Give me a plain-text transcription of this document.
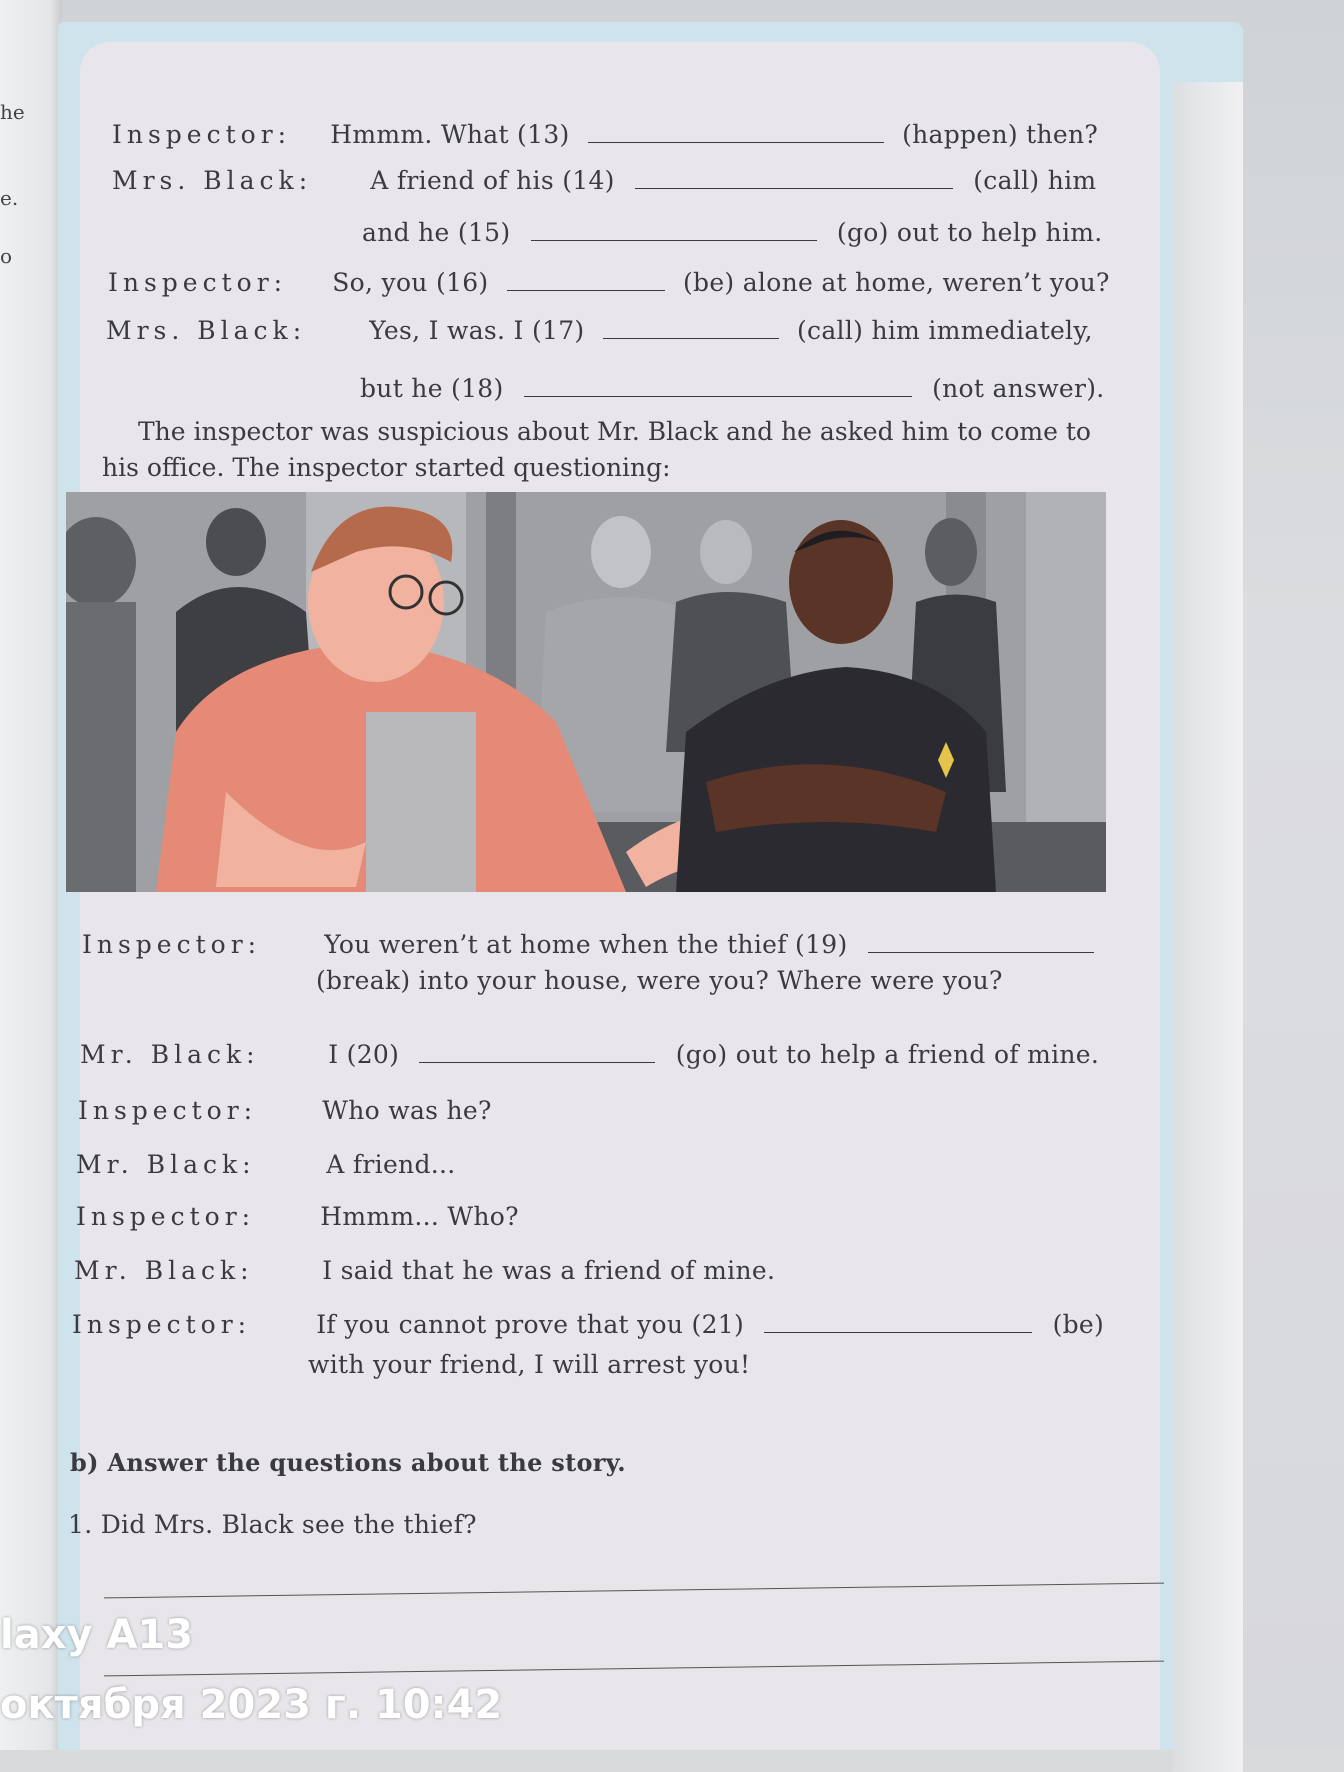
he
e.
o
Inspector: Hmmm. What (13)	(happen) then?
Mrs. Black: A friend of his (14)	(call) him
and he (15)	(go) out to help him.
Inspector: So, you (16)	(be) alone at home, weren’t you?
Mrs. Black:	Yes, I was. I (17)	(call) him immediately,
but he (18)	(not answer).
The inspector was suspicious about Mr. Black and he asked him to come to his office. The inspector started questioning:
Inspector:	You weren’t at home when the thief (19)
(break) into your house, were you? Where were you?
Mr. Black:	I (20)	(go) out to help a friend of mine.
Inspector:	Who was he?
Mr. Black:	A friend...
Inspector:	Hmmm... Who?
Mr. Black:	I said that he was a friend of mine.
Inspector:	If you cannot prove that you (21)	(be)
with your friend, I will arrest you!
b) Answer the questions about the story.
1. Did Mrs. Black see the thief?
laxy A13
октября 2023 г. 10:42
